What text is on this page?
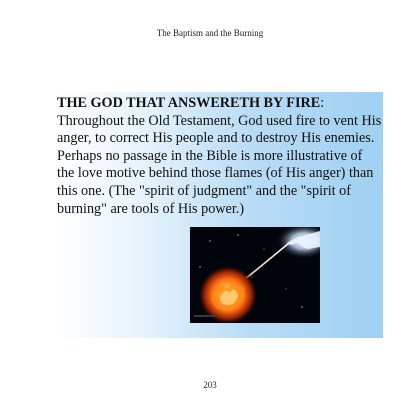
The Baptism and the Burning

THE GOD THAT ANSWERETH BY FIRE: Throughout the Old Testament, God used fire to vent His anger, to correct His people and to destroy His enemies. Perhaps no passage in the Bible is more illustrative of the love motive behind those flames (of His anger) than this one. (The "spirit of judgment" and the "spirit of burning" are tools of His power.)

203
